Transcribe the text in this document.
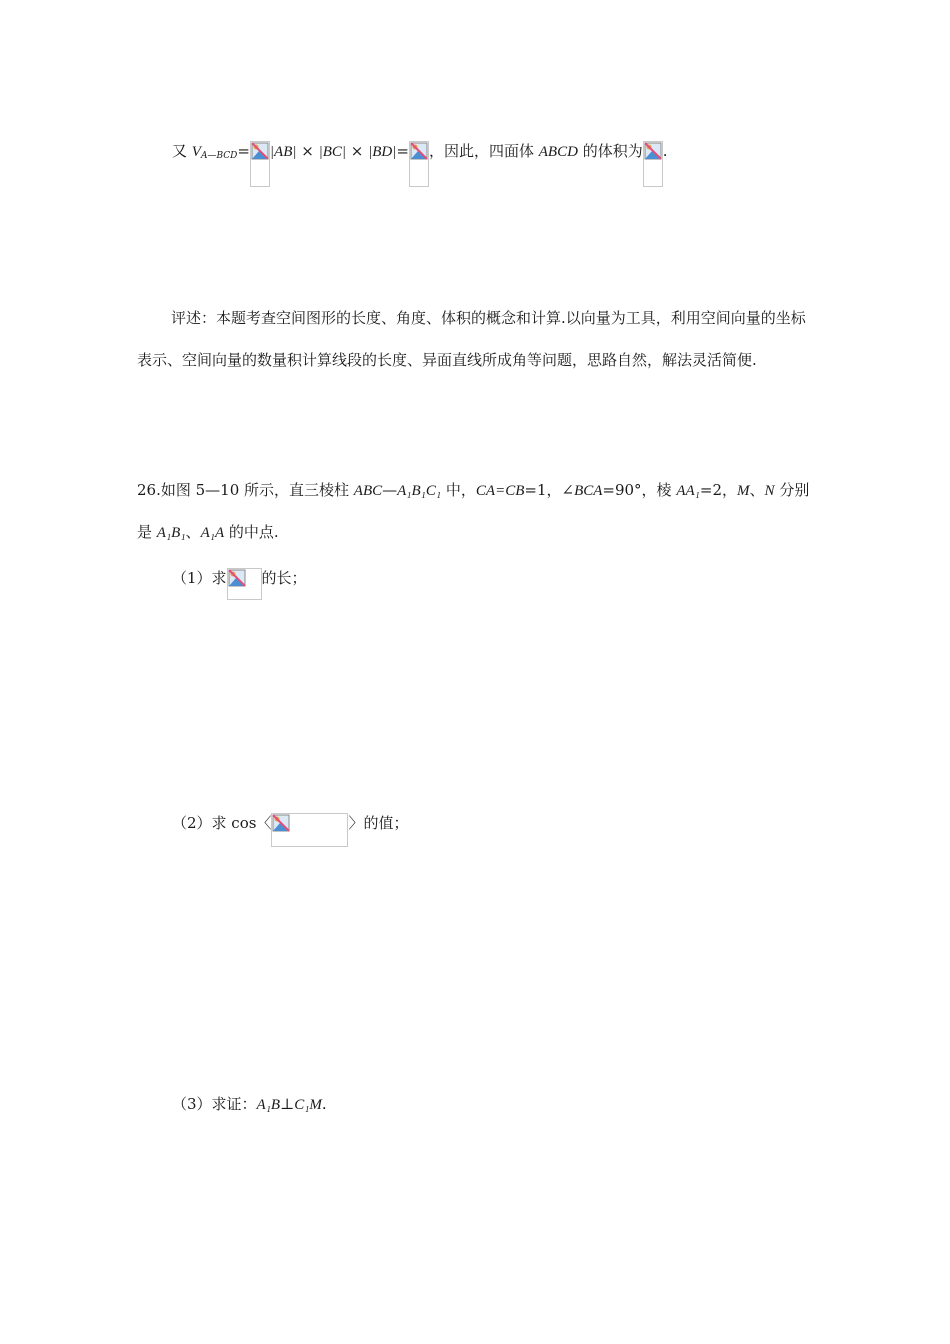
又 $V_{A—BCD}= |AB| \times |BC| \times |BD|=$ ，因此，四面体 ABCD 的体积为 .
评述：本题考查空间图形的长度、角度、体积的概念和计算.以向量为工具，利用空间向量的坐标表示、空间向量的数量积计算线段的长度、异面直线所成角等问题，思路自然，解法灵活简便.
26.如图 5—10 所示，直三棱柱 ABC—A₁B₁C₁ 中，CA=CB=1，∠BCA=90°，棱 AA₁=2，M、N 分别
是 A₁B₁、A₁A 的中点.
（1）求 的长；
（2）求 cos〈	〉的值；
（3）求证：A₁B⊥C₁M.
